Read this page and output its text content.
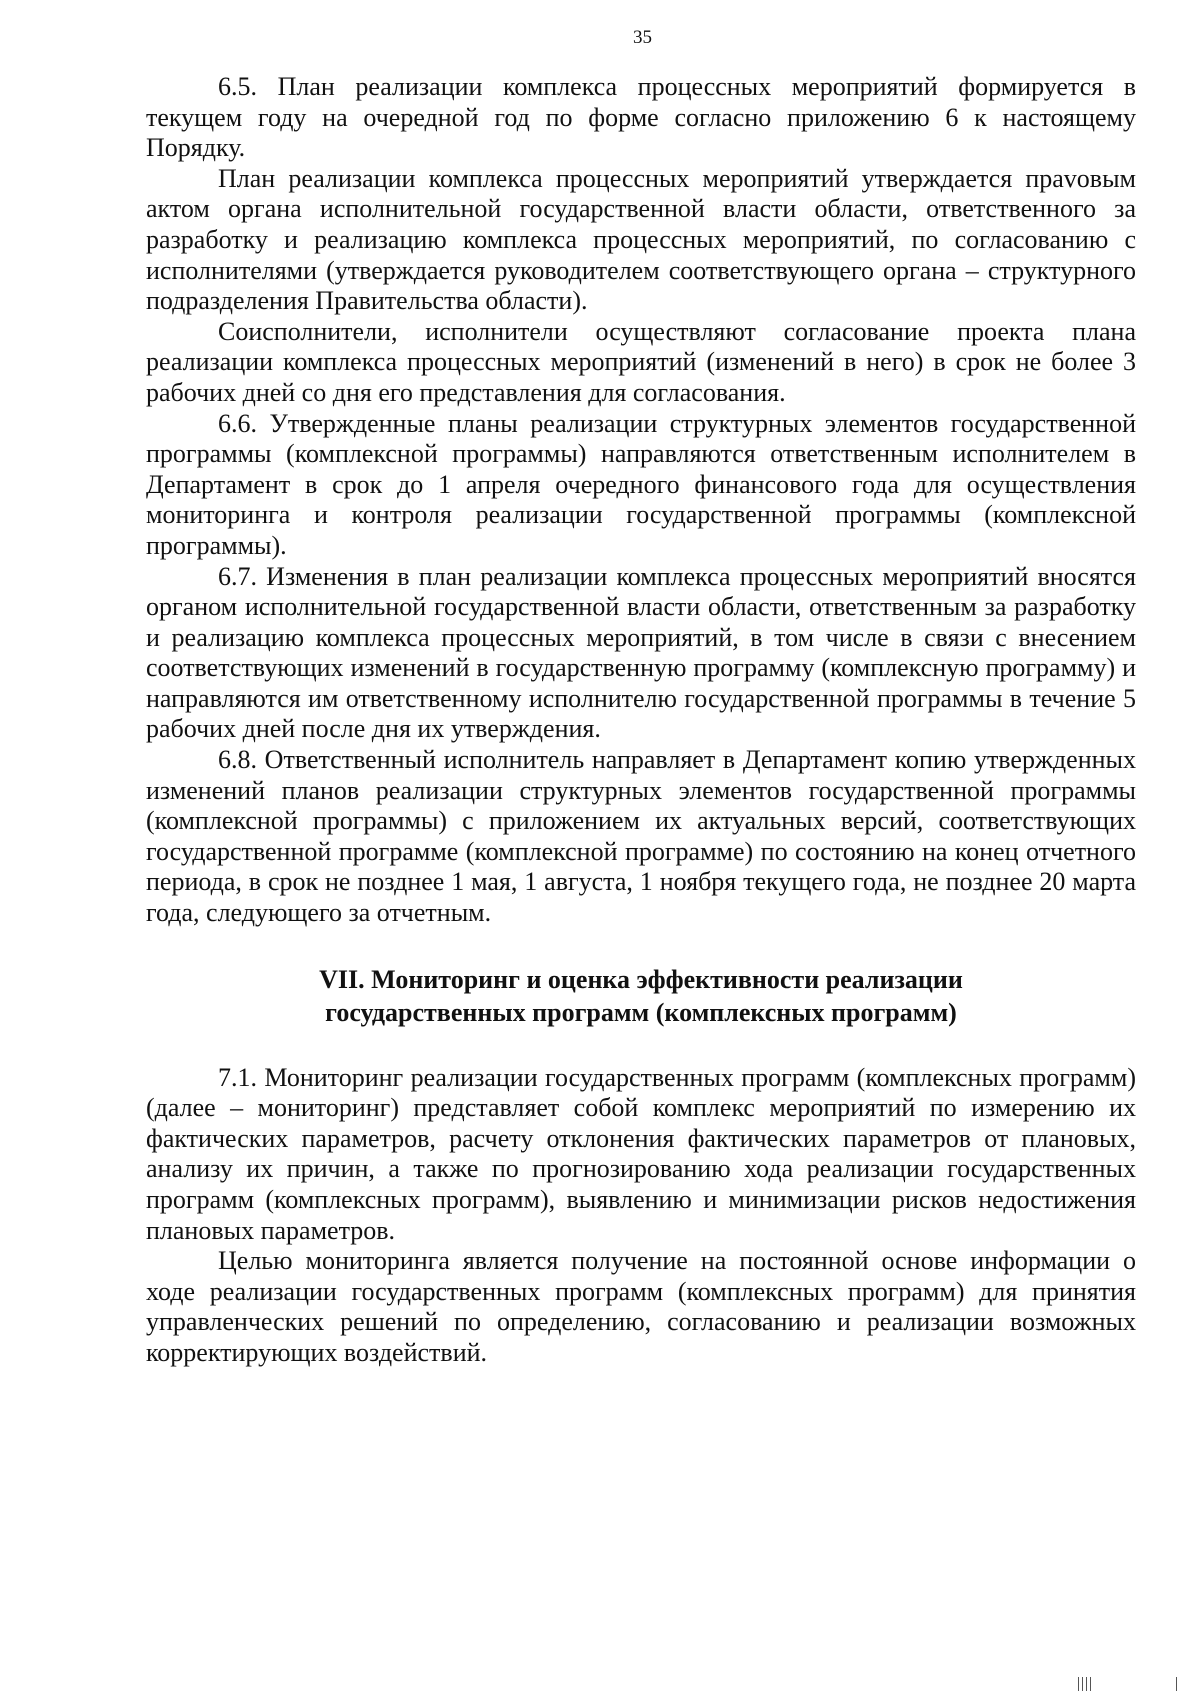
35

6.5. План реализации комплекса процессных мероприятий формируется в текущем году на очередной год по форме согласно приложению 6 к настоящему Порядку.

План реализации комплекса процессных мероприятий утверждается праvовым актом органа исполнительной государственной власти области, ответственного за разработку и реализацию комплекса процессных мероприятий, по согласованию с исполнителями (утверждается руководителем соответствующего органа – структурного подразделения Правительства области).

Соисполнители, исполнители осуществляют согласование проекта плана реализации комплекса процессных мероприятий (изменений в него) в срок не более 3 рабочих дней со дня его представления для согласования.

6.6. Утвержденные планы реализации структурных элементов государственной программы (комплексной программы) направляются ответственным исполнителем в Департамент в срок до 1 апреля очередного финансового года для осуществления мониторинга и контроля реализации государственной программы (комплексной программы).

6.7. Изменения в план реализации комплекса процессных мероприятий вносятся органом исполнительной государственной власти области, ответственным за разработку и реализацию комплекса процессных мероприятий, в том числе в связи с внесением соответствующих изменений в государственную программу (комплексную программу) и направляются им ответственному исполнителю государственной программы в течение 5 рабочих дней после дня их утверждения.

6.8. Ответственный исполнитель направляет в Департамент копию утвержденных изменений планов реализации структурных элементов государственной программы (комплексной программы) с приложением их актуальных версий, соответствующих государственной программе (комплексной программе) по состоянию на конец отчетного периода, в срок не позднее 1 мая, 1 августа, 1 ноября текущего года, не позднее 20 марта года, следующего за отчетным.

VII. Мониторинг и оценка эффективности реализации
государственных программ (комплексных программ)

7.1. Мониторинг реализации государственных программ (комплексных программ) (далее – мониторинг) представляет собой комплекс мероприятий по измерению их фактических параметров, расчету отклонения фактических параметров от плановых, анализу их причин, а также по прогнозированию хода реализации государственных программ (комплексных программ), выявлению и минимизации рисков недостижения плановых параметров.

Целью мониторинга является получение на постоянной основе информации о ходе реализации государственных программ (комплексных программ) для принятия управленческих решений по определению, согласованию и реализации возможных корректирующих воздействий.
